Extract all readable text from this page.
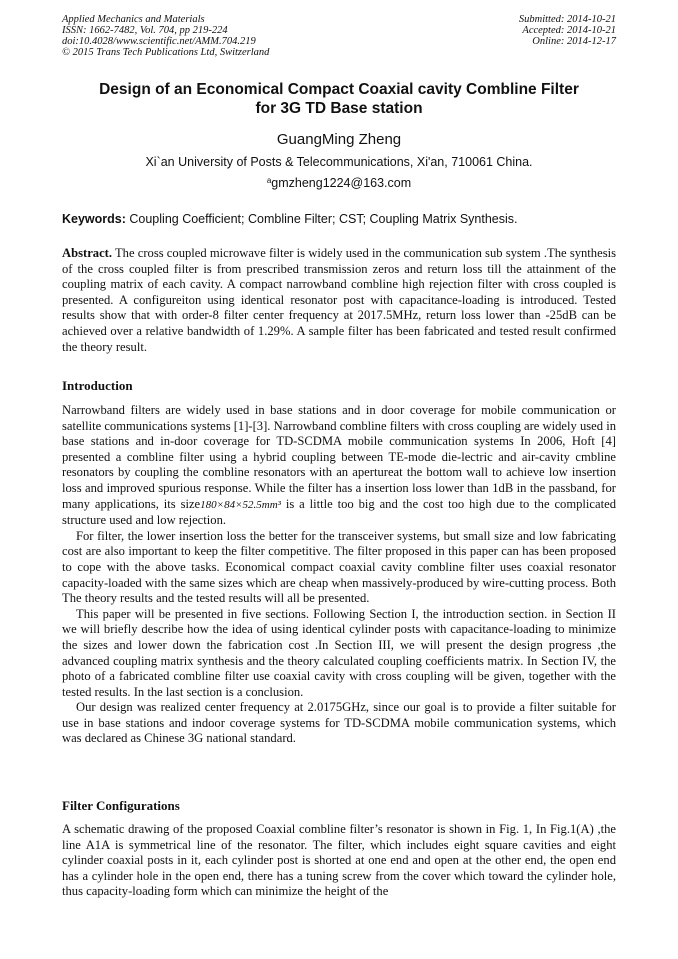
Applied Mechanics and Materials
ISSN: 1662-7482, Vol. 704, pp 219-224
doi:10.4028/www.scientific.net/AMM.704.219
© 2015 Trans Tech Publications Ltd, Switzerland
Submitted: 2014-10-21
Accepted: 2014-10-21
Online: 2014-12-17
Design of an Economical Compact Coaxial cavity Combline Filter
for 3G TD Base station
GuangMing Zheng
Xi`an University of Posts & Telecommunications, Xi'an, 710061 China.
$^a$gmzheng1224@163.com
Keywords: Coupling Coefficient; Combline Filter; CST; Coupling Matrix Synthesis.

Abstract. The cross coupled microwave filter is widely used in the communication sub system .The synthesis of the cross coupled filter is from prescribed transmission zeros and return loss till the attainment of the coupling matrix of each cavity. A compact narrowband combline high rejection filter with cross coupled is presented. A configureiton using identical resonator post with capacitance-loading is introduced. Tested results show that with order-8 filter center frequency at 2017.5MHz, return loss lower than -25dB can be achieved over a relative bandwidth of 1.29%. A sample filter has been fabricated and tested result confirmed the theory result.

Introduction

Narrowband filters are widely used in base stations and in door coverage for mobile communication or satellite communications systems [1]-[3]. Narrowband combline filters with cross coupling are widely used in base stations and in-door coverage for TD-SCDMA mobile communication systems In 2006, Hoft [4] presented a combline filter using a hybrid coupling between TE-mode die-lectric and air-cavity cmbline resonators by coupling the combline resonators with an apertureat the bottom wall to achieve low insertion loss and improved spurious response. While the filter has a insertion loss lower than 1dB in the passband, for many applications, its size180×84×52.5mm³ is a little too big and the cost too high due to the complicated structure used and low rejection.

For filter, the lower insertion loss the better for the transceiver systems, but small size and low fabricating cost are also important to keep the filter competitive. The filter proposed in this paper can has been proposed to cope with the above tasks. Economical compact coaxial cavity combline filter uses coaxial resonator capacity-loaded with the same sizes which are cheap when massively-produced by wire-cutting process. Both The theory results and the tested results will all be presented.

This paper will be presented in five sections. Following Section I, the introduction section. in Section II we will briefly describe how the idea of using identical cylinder posts with capacitance-loading to minimize the sizes and lower down the fabrication cost .In Section III, we will present the design progress ,the advanced coupling matrix synthesis and the theory calculated coupling coefficients matrix. In Section IV, the photo of a fabricated combline filter use coaxial cavity with cross coupling will be given, together with the tested results. In the last section is a conclusion.

Our design was realized center frequency at 2.0175GHz, since our goal is to provide a filter suitable for use in base stations and indoor coverage systems for TD-SCDMA mobile communication systems, which was declared as Chinese 3G national standard.

Filter Configurations

A schematic drawing of the proposed Coaxial combline filter’s resonator is shown in Fig. 1, In Fig.1(A) ,the line A1A is symmetrical line of the resonator. The filter, which includes eight square cavities and eight cylinder coaxial posts in it, each cylinder post is shorted at one end and open at the other end, the open end has a cylinder hole in the open end, there has a tuning screw from the cover which toward the cylinder hole, thus capacity-loading form which can minimize the height of the
